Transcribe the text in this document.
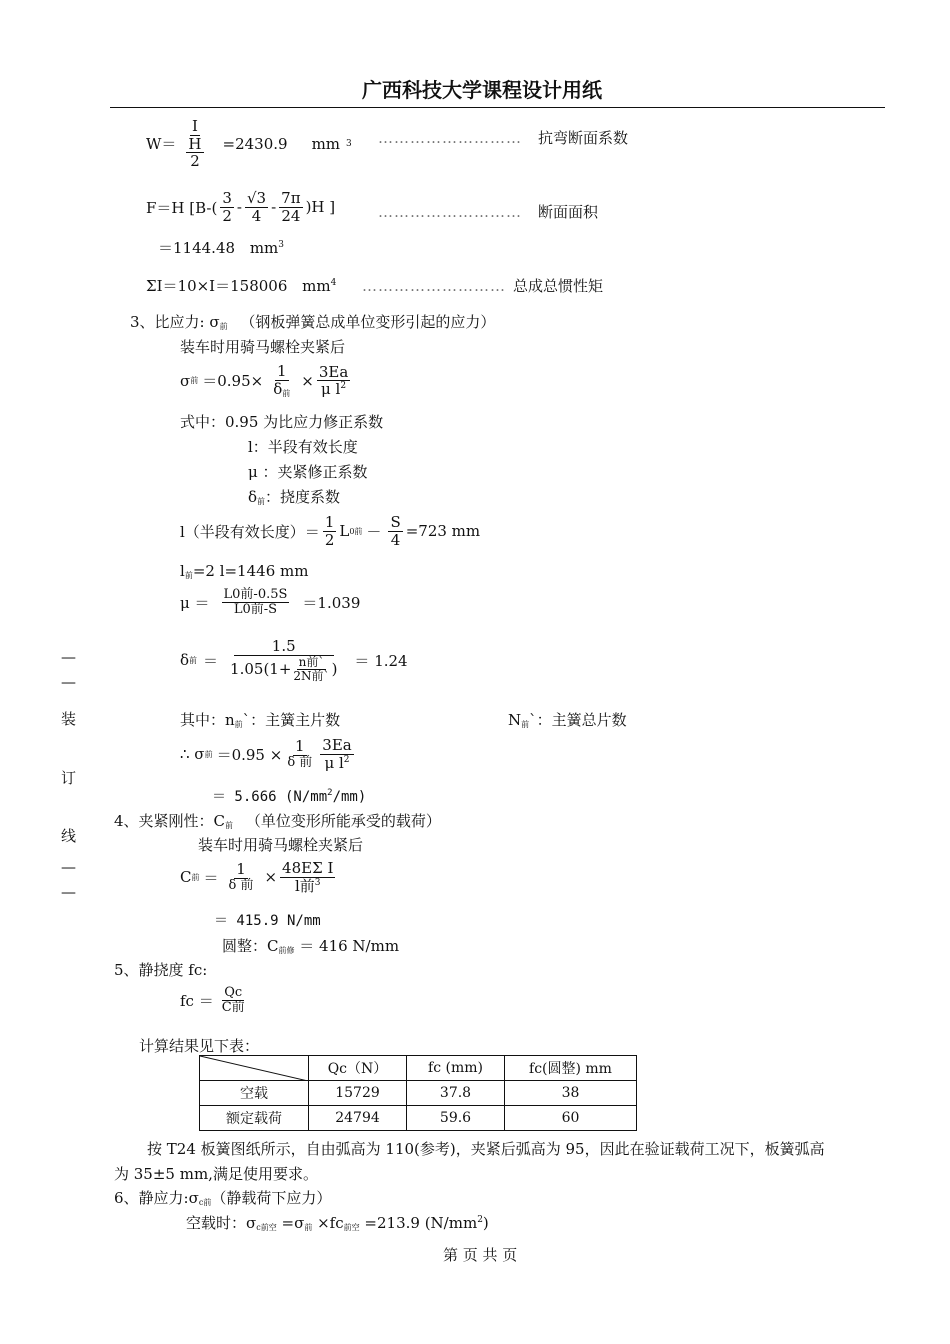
广西科技大学课程设计用纸
—
—
装
订
线
—
—
W＝ I
H
2 =2430.9 mm 3 ……………………… 抗弯断面系数
F＝H [$B-( \frac{3}{2} - \frac{√3}{4} - \frac{7\pi}{24} )H$ ]	……………………… 断面面积
＝1144.48 $mm^3$
ΣI＝10×I＝158006 $mm^4$ ……………………… 总成总惯性矩
3、比应力: $\sigma_前$ （钢板弹簧总成单位变形引起的应力）
装车时用骑马螺栓夹紧后
σ 前 $=0.95\times \frac{1}{\delta_前} \times \frac{3Ea}{\mu l^2}$
式中：0.95 为比应力修正系数
l：半段有效长度
μ ：夹紧修正系数
$\delta_前$：挠度系数
l（半段有效长度）＝ $\frac{1}{2}$ L 0前 － $\frac{S}{4} =723$ mm
$l_前=2$ l=1446 mm
$\mu = \frac{\text{L0前-0.5S}}{\text{L0前-S}} =1.039$
δ 前 ＝ $\frac{1.5}{1.05(1+ \frac{\text{n前`}}{\text{2N前`}} )} = 1.24$
其中：$n_前`$：主簧主片数	$N_前`$：主簧总片数
∴ σ 前 $=0.95 \times \frac{1}{\text{δ 前}} \frac{3Ea}{\mu l^2}$
＝ 5.666 $(N/mm^2/mm)$
4、夹紧刚性：$C_前$ （单位变形所能承受的载荷）
装车时用骑马螺栓夹紧后
C 前 ＝ $\frac{1}{\text{δ 前}} \times \frac{\text{48EΣ I}}{l前^3}$
＝ 415.9 N/mm
圆整：$C_{前修} = 416$ N/mm
5、静挠度 fc:
fc ＝ $\frac{Qc}{\text{C前}}$
计算结果见下表：
	Qc（N）	fc (mm)	fc(圆整) mm
空载	15729	37.8	38
额定载荷	24794	59.6	60
按 T24 板簧图纸所示，自由弧高为 110(参考)，夹紧后弧高为 95，因此在验证载荷工况下，板簧弧高
为 35±5 mm,满足使用要求。
6、静应力$:\sigma_{c前}$（静载荷下应力）
空载时：$\sigma_{c前空} =\sigma_前 \times fc_{前空} =213.9$ $(N/mm^2)$
第 页 共 页
